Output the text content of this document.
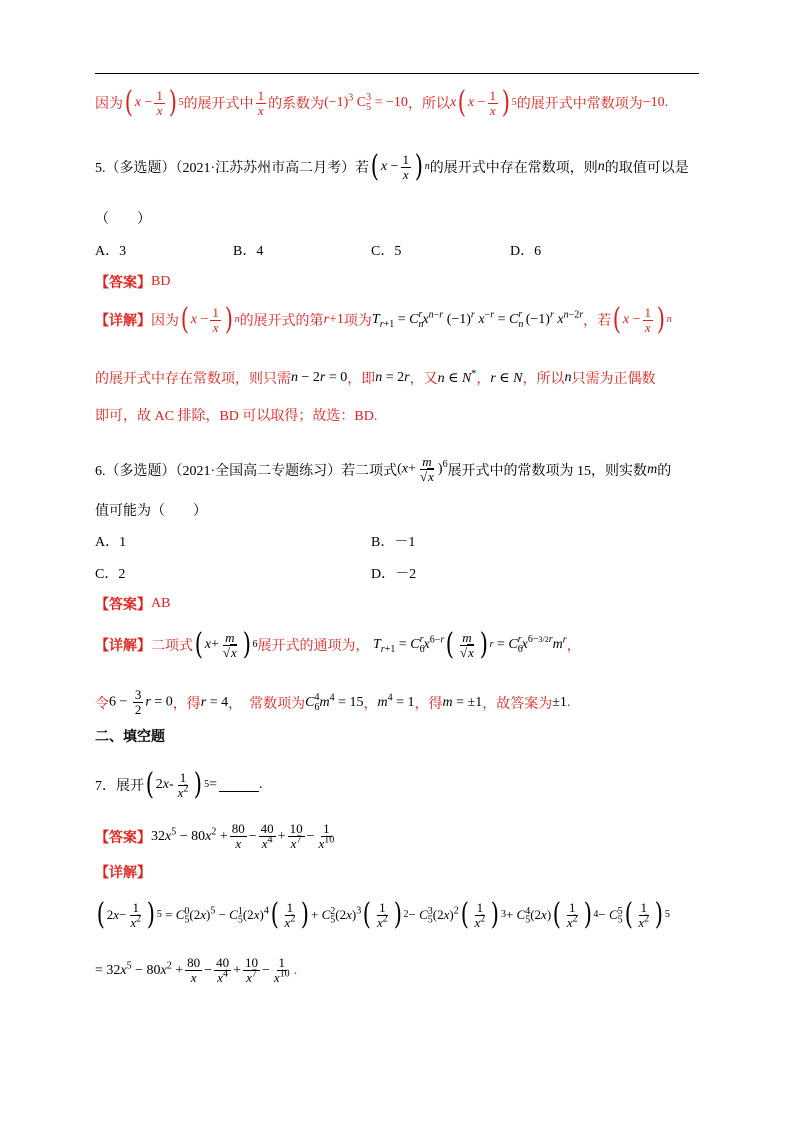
因为 ( $x - \frac{1}{x}$ ) 5 的展开式中 $\frac{1}{x}$ 的系数为 $(-1)^3$ $C_5^3 = -10$ ，所以 x ( $x - \frac{1}{x}$ ) 5 的展开式中常数项为 −10 .
5.（多选题）（2021·江苏苏州市高二月考）若 ( $x - \frac{1}{x}$ ) n 的展开式中存在常数项，则 n 的取值可以是
（　　）
A．3	B．4	C．5	D．6
【答案】 BD
【详解】 因为 ( $x - \frac{1}{x}$ ) n 的展开式的第 r+1 项为 $T_{r+1} = C_n^rx^{n-r}$ $(-1)^r$ $x^{-r} = C_n^r$ $(-1)^r$ $x^{n-2r}$ ，若 ( $x - \frac{1}{x}$ ) n
的展开式中存在常数项，则只需 n − 2r = 0 ，即 n = 2r ，又 n ∈ N* ， r ∈ N ，所以 n 只需为正偶数
即可，故 AC 排除，BD 可以取得；故选：BD.
6.（多选题）（2021·全国高二专题练习）若二项式 $(x+ \frac{m}{√x} )^6$ 展开式中的常数项为 15，则实数 m 的
值可能为（　　）
A．1	B．－1
C．2	D．－2
【答案】 AB
【详解】 二项式 ( $x + \frac{m}{√x}$ ) 6 展开式的通项为， $T_{r+1} = C_6^rx^{6-r}$ ( $\frac{m}{√x}$ ) $r = C_6^rx^{6-3/2r}m^r$ ，
令 $6 - \frac{3}{2}$ r = 0 ，得 r = 4 ，　常数项为 $C_6^4m^4 = 15$ ， $m^4 = 1$ ，得 m = ±1 ，故答案为 ±1 .
二、填空题
7．展开 ( $2x- \frac{1}{x^2}$ ) 5 =	.
【答案】 $32x^5 - 80x^2 + \frac{80}{x} - \frac{40}{x^4} + \frac{10}{x^7} - \frac{1}{x^{10}}$
【详解】
( $2x- \frac{1}{x^2}$ ) $5 = C_5^0(2x)^5 - C_5^1(2x)^4$ ( $\frac{1}{x^2}$ ) + $C_5^2(2x)^3$ ( $\frac{1}{x^2}$ ) $2 - C_5^3(2x)^2$ ( $\frac{1}{x^2}$ ) $3 + C_5^4(2x)$ ( $\frac{1}{x^2}$ ) $4 - C_5^5$ ( $\frac{1}{x^2}$ ) 5
= $32x^5 - 80x^2 + \frac{80}{x} - \frac{40}{x^4} + \frac{10}{x^7} - \frac{1}{x^{10}}$ .
